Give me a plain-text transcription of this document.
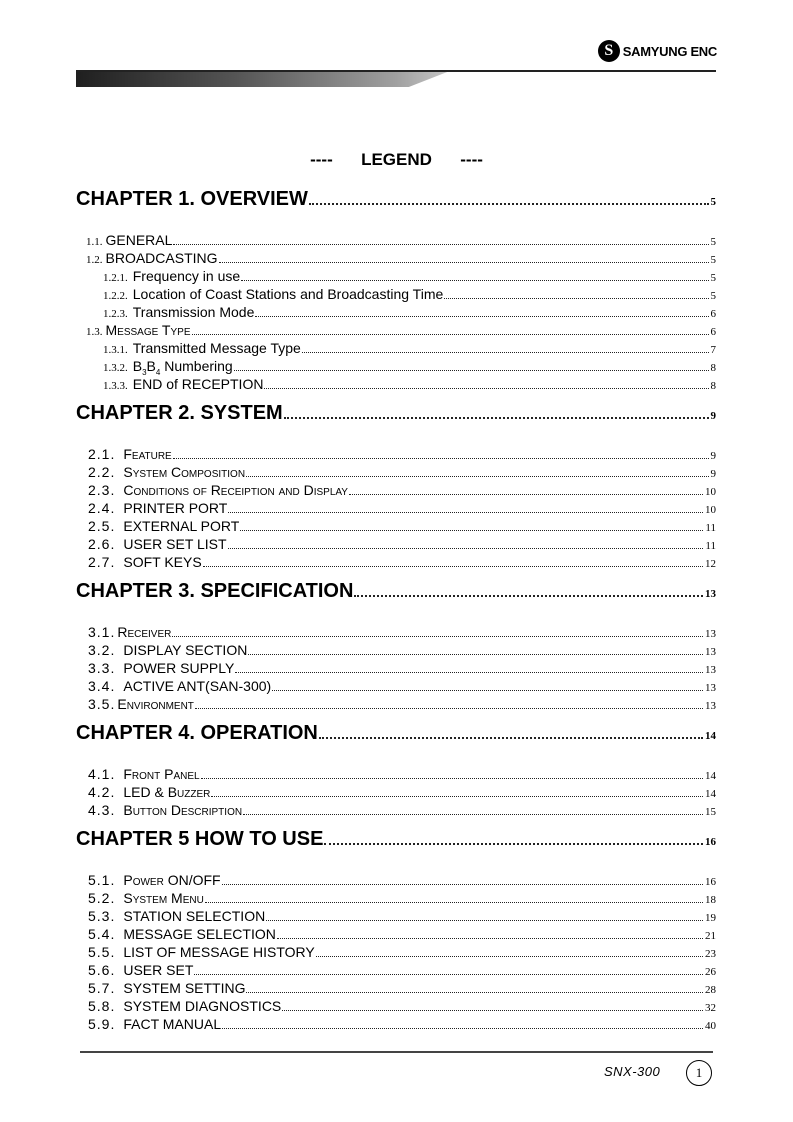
S SAMYUNG ENC
----      LEGEND      ----
CHAPTER 1. OVERVIEW	5
1.1. GENERAL	5
1.2. BROADCASTING	5
1.2.1. Frequency in use	5
1.2.2. Location of Coast Stations and Broadcasting Time	5
1.2.3. Transmission Mode	6
1.3. Message Type	6
1.3.1. Transmitted Message Type	7
1.3.2. $B_3B_4$ Numbering	8
1.3.3. END of RECEPTION	8
CHAPTER 2. SYSTEM	9
2.1. Feature	9
2.2. System Composition	9
2.3. Conditions of Receiption and Display	10
2.4. PRINTER PORT	10
2.5. EXTERNAL PORT	11
2.6. USER SET LIST	11
2.7. SOFT KEYS	12
CHAPTER 3. SPECIFICATION	13
3.1. Receiver	13
3.2. DISPLAY SECTION	13
3.3. POWER SUPPLY	13
3.4. ACTIVE ANT(SAN-300)	13
3.5. Environment	13
CHAPTER 4. OPERATION	14
4.1. Front Panel	14
4.2. LED & Buzzer	14
4.3. Button Description	15
CHAPTER 5 HOW TO USE	16
5.1. Power ON/OFF	16
5.2. System Menu	18
5.3. STATION SELECTION	19
5.4. MESSAGE SELECTION	21
5.5. LIST OF MESSAGE HISTORY	23
5.6. USER SET	26
5.7. SYSTEM SETTING	28
5.8. SYSTEM DIAGNOSTICS	32
5.9. FACT MANUAL	40
SNX-300	1
